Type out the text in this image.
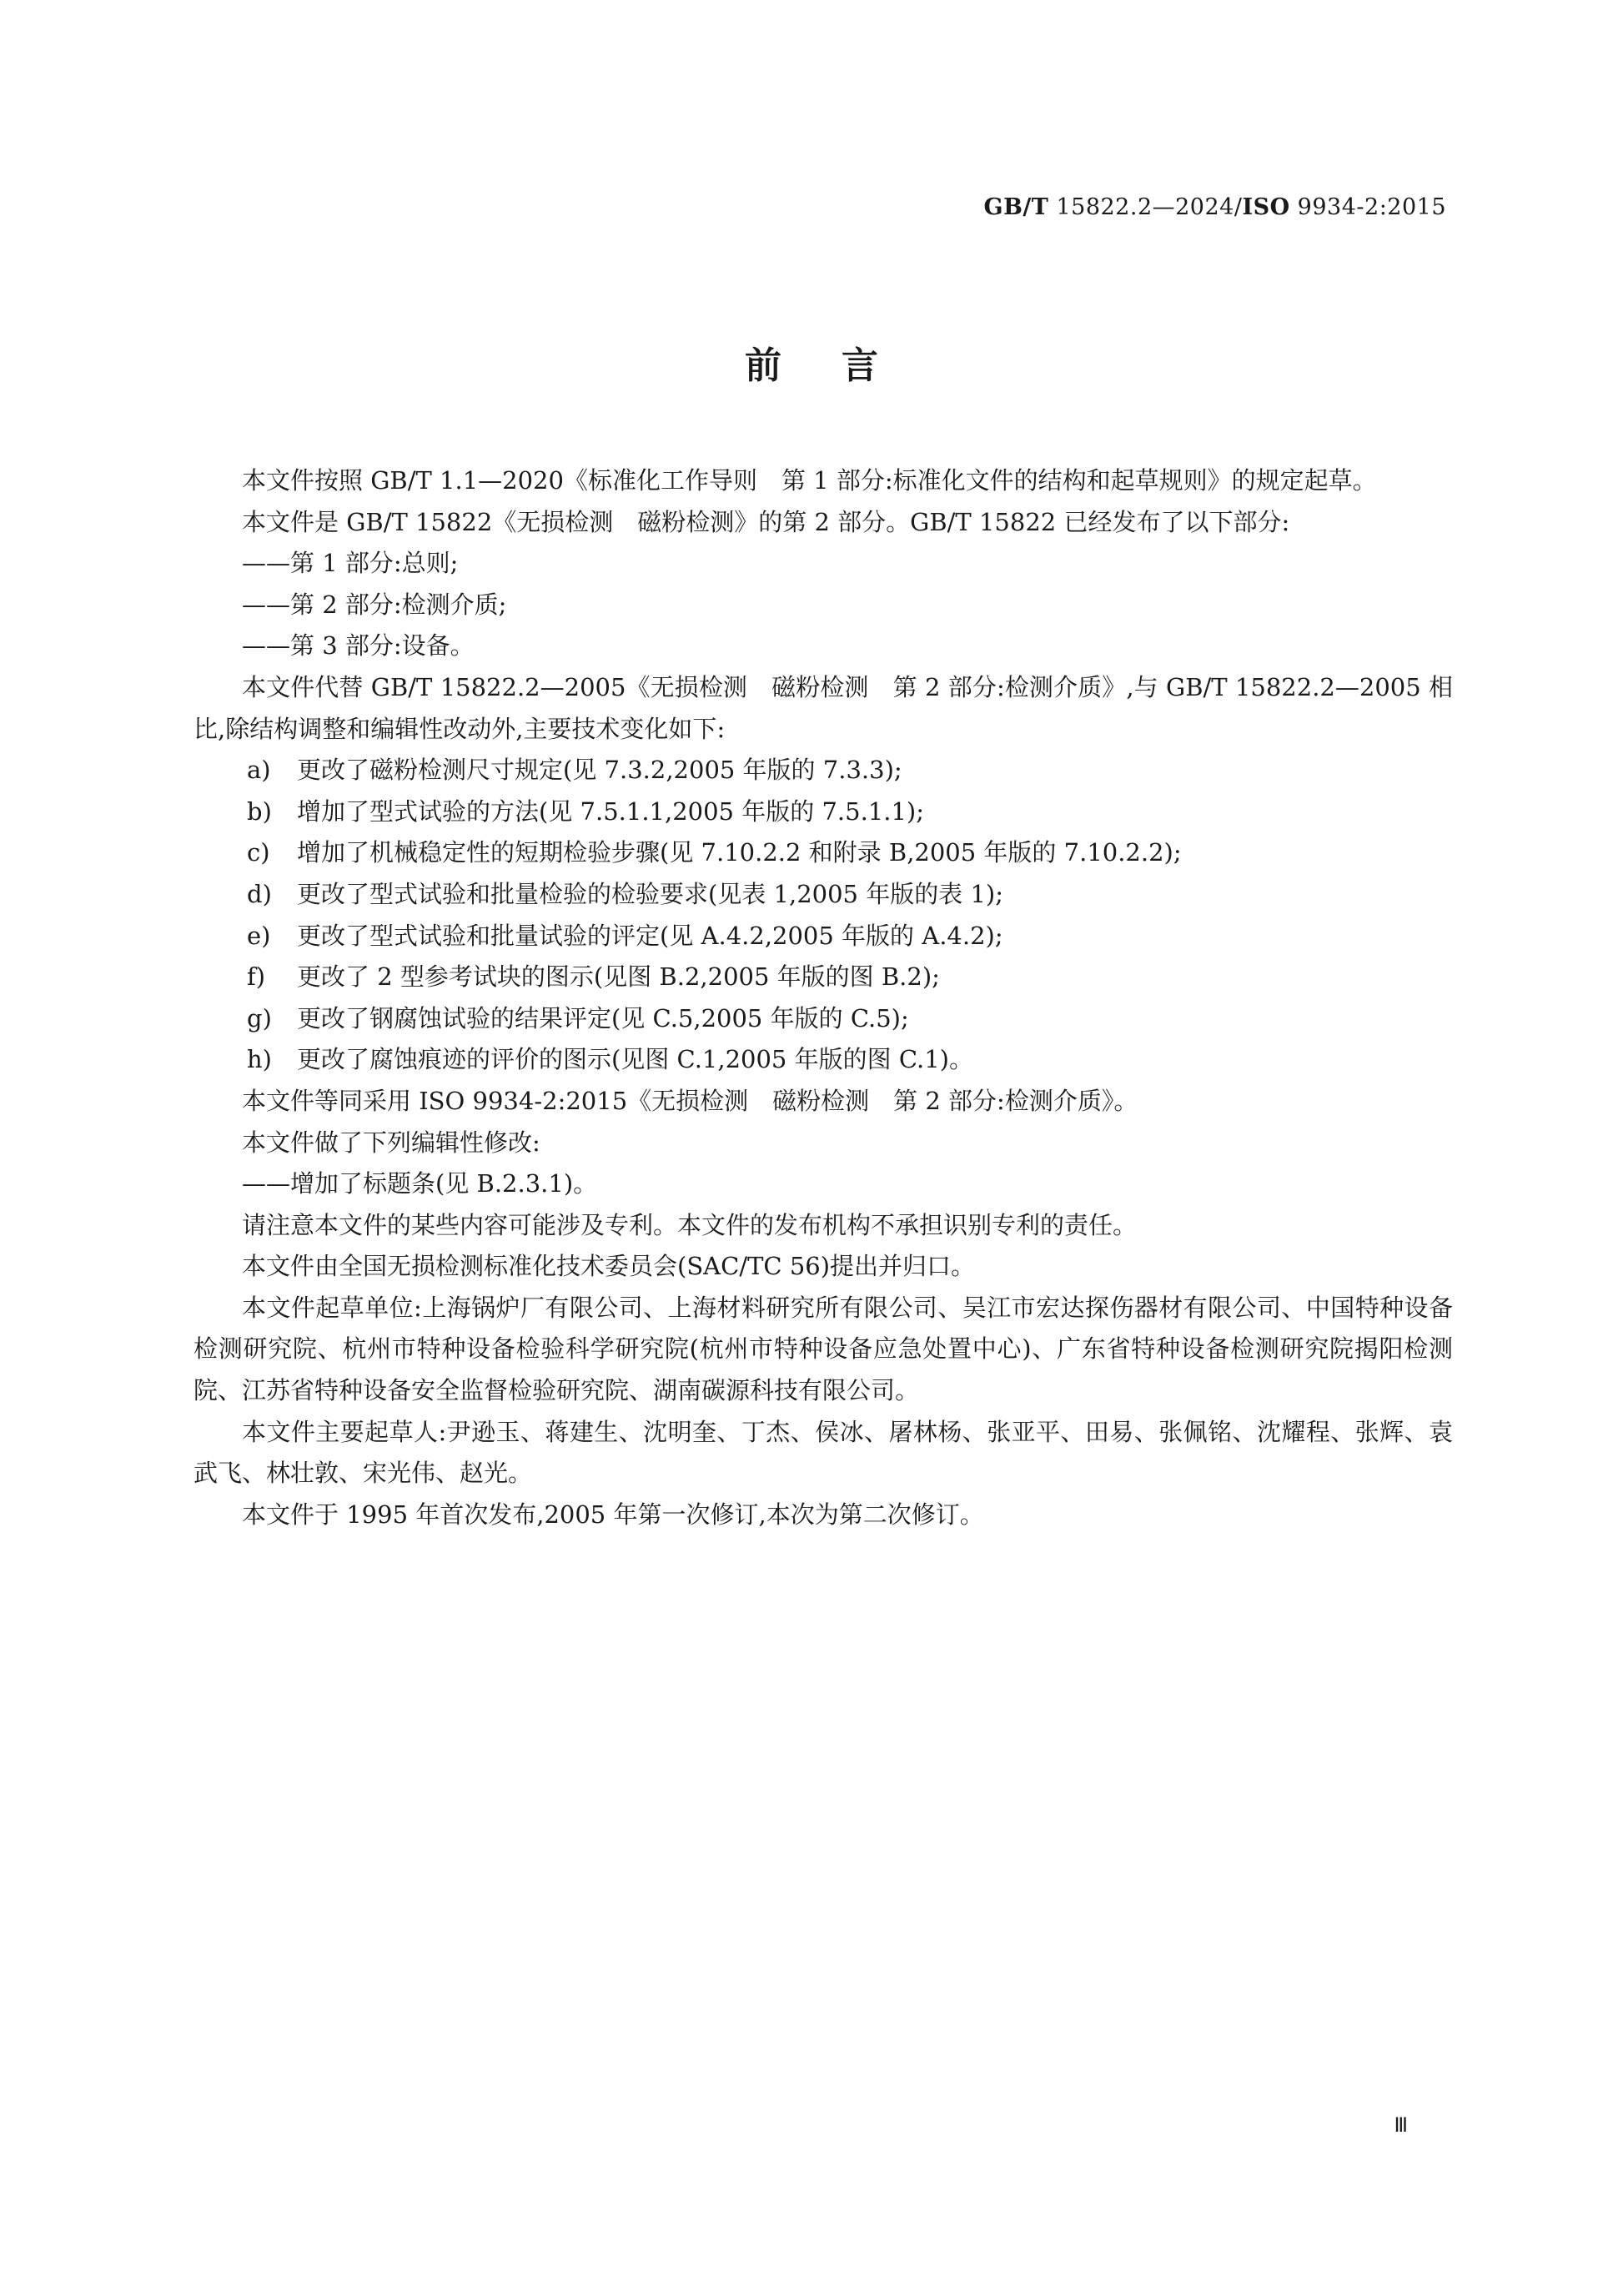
GB/T 15822.2—2024/ISO 9934-2:2015
前言

本文件按照 GB/T 1.1—2020《标准化工作导则　第 1 部分:标准化文件的结构和起草规则》的规定起草。

本文件是 GB/T 15822《无损检测　磁粉检测》的第 2 部分。GB/T 15822 已经发布了以下部分:

——第 1 部分:总则;

——第 2 部分:检测介质;

——第 3 部分:设备。

本文件代替 GB/T 15822.2—2005《无损检测　磁粉检测　第 2 部分:检测介质》,与 GB/T 15822.2—2005 相比,除结构调整和编辑性改动外,主要技术变化如下:

a) 更改了磁粉检测尺寸规定(见 7.3.2,2005 年版的 7.3.3);

b) 增加了型式试验的方法(见 7.5.1.1,2005 年版的 7.5.1.1);

c) 增加了机械稳定性的短期检验步骤(见 7.10.2.2 和附录 B,2005 年版的 7.10.2.2);

d) 更改了型式试验和批量检验的检验要求(见表 1,2005 年版的表 1);

e) 更改了型式试验和批量试验的评定(见 A.4.2,2005 年版的 A.4.2);

f) 更改了 2 型参考试块的图示(见图 B.2,2005 年版的图 B.2);

g) 更改了钢腐蚀试验的结果评定(见 C.5,2005 年版的 C.5);

h) 更改了腐蚀痕迹的评价的图示(见图 C.1,2005 年版的图 C.1)。

本文件等同采用 ISO 9934-2:2015《无损检测　磁粉检测　第 2 部分:检测介质》。

本文件做了下列编辑性修改:

——增加了标题条(见 B.2.3.1)。

请注意本文件的某些内容可能涉及专利。本文件的发布机构不承担识别专利的责任。

本文件由全国无损检测标准化技术委员会(SAC/TC 56)提出并归口。

本文件起草单位:上海锅炉厂有限公司、上海材料研究所有限公司、吴江市宏达探伤器材有限公司、中国特种设备检测研究院、杭州市特种设备检验科学研究院(杭州市特种设备应急处置中心)、广东省特种设备检测研究院揭阳检测院、江苏省特种设备安全监督检验研究院、湖南碳源科技有限公司。

本文件主要起草人:尹逊玉、蒋建生、沈明奎、丁杰、侯冰、屠林杨、张亚平、田易、张佩铭、沈耀程、张辉、袁武飞、林壮敦、宋光伟、赵光。

本文件于 1995 年首次发布,2005 年第一次修订,本次为第二次修订。

Ⅲ
